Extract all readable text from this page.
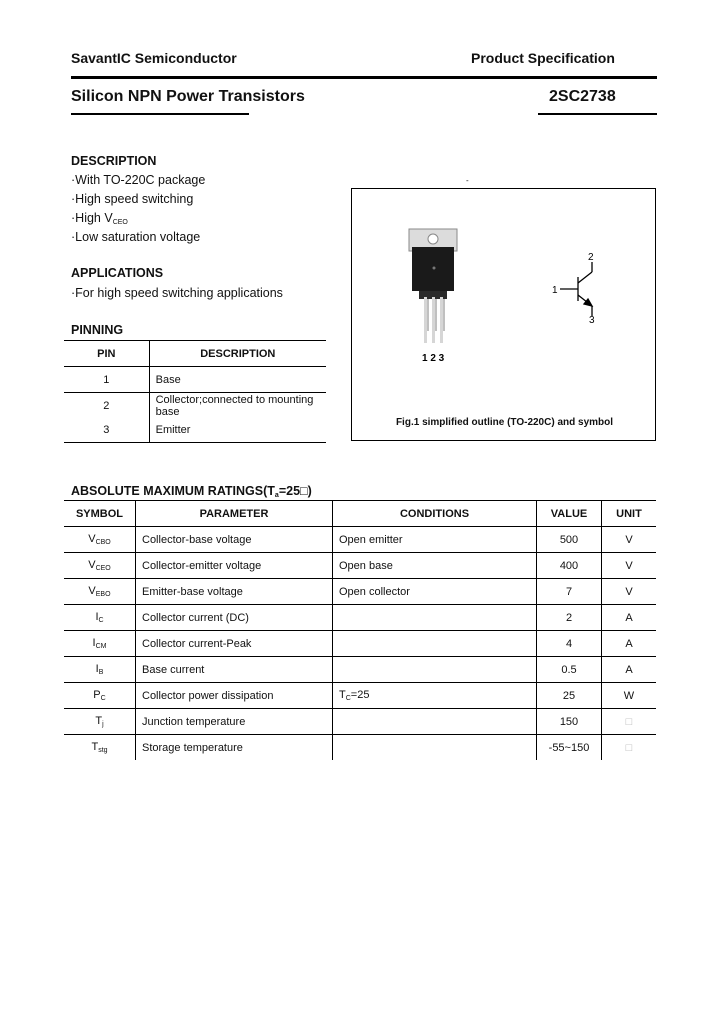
SavantIC Semiconductor	Product Specification
Silicon NPN Power Transistors	2SC2738
DESCRIPTION
·With TO-220C package
·High speed switching
·High $V_{CEO}$
·Low saturation voltage
APPLICATIONS
·For high speed switching applications
PINNING
PIN	DESCRIPTION
1	Base
2	Collector;connected to mounting base
3	Emitter
-
1
2
3
1 2 3
Fig.1 simplified outline (TO-220C) and symbol
ABSOLUTE MAXIMUM $RATINGS(T_a=25□)$
SYMBOL	PARAMETER	CONDITIONS	VALUE	UNIT
$V_{CBO}$	Collector-base voltage	Open emitter	500	V
$V_{CEO}$	Collector-emitter voltage	Open base	400	V
$V_{EBO}$	Emitter-base voltage	Open collector	7	V
$I_C$	Collector current (DC)		2	A
$I_{CM}$	Collector current-Peak		4	A
$I_B$	Base current		0.5	A
$P_C$	Collector power dissipation	$T_C=25$  	25	W
$T_j$	Junction temperature		150	□
$T_{stg}$	Storage temperature		-55~150	□
